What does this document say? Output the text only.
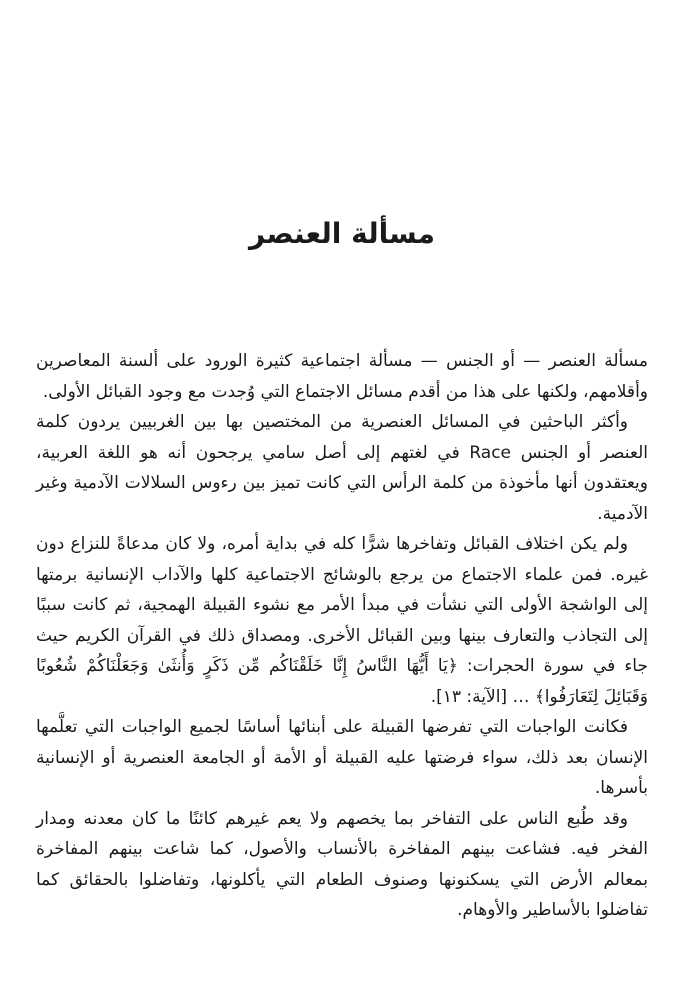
مسألة العنصر

مسألة العنصر — أو الجنس — مسألة اجتماعية كثيرة الورود على ألسنة المعاصرين وأقلامهم، ولكنها على هذا من أقدم مسائل الاجتماع التي وُجدت مع وجود القبائل الأولى.

وأكثر الباحثين في المسائل العنصرية من المختصين بها بين الغربيين يردون كلمة العنصر أو الجنس Race في لغتهم إلى أصل سامي يرجحون أنه هو اللغة العربية، ويعتقدون أنها مأخوذة من كلمة الرأس التي كانت تميز بين رءوس السلالات الآدمية وغير الآدمية.

ولم يكن اختلاف القبائل وتفاخرها شرًّا كله في بداية أمره، ولا كان مدعاةً للنزاع دون غيره. فمن علماء الاجتماع من يرجع بالوشائج الاجتماعية كلها والآداب الإنسانية برمتها إلى الواشجة الأولى التي نشأت في مبدأ الأمر مع نشوء القبيلة الهمجية، ثم كانت سببًا إلى التجاذب والتعارف بينها وبين القبائل الأخرى. ومصداق ذلك في القرآن الكريم حيث جاء في سورة الحجرات: ﴿يَا أَيُّهَا النَّاسُ إِنَّا خَلَقْنَاكُم مِّن ذَكَرٍ وَأُنثَىٰ وَجَعَلْنَاكُمْ شُعُوبًا وَقَبَائِلَ لِتَعَارَفُوا﴾ … [الآية: ١٣].

فكانت الواجبات التي تفرضها القبيلة على أبنائها أساسًا لجميع الواجبات التي تعلَّمها الإنسان بعد ذلك، سواء فرضتها عليه القبيلة أو الأمة أو الجامعة العنصرية أو الإنسانية بأسرها.

وقد طُبع الناس على التفاخر بما يخصهم ولا يعم غيرهم كائنًا ما كان معدنه ومدار الفخر فيه. فشاعت بينهم المفاخرة بالأنساب والأصول، كما شاعت بينهم المفاخرة بمعالم الأرض التي يسكنونها وصنوف الطعام التي يأكلونها، وتفاضلوا بالحقائق كما تفاضلوا بالأساطير والأوهام.
